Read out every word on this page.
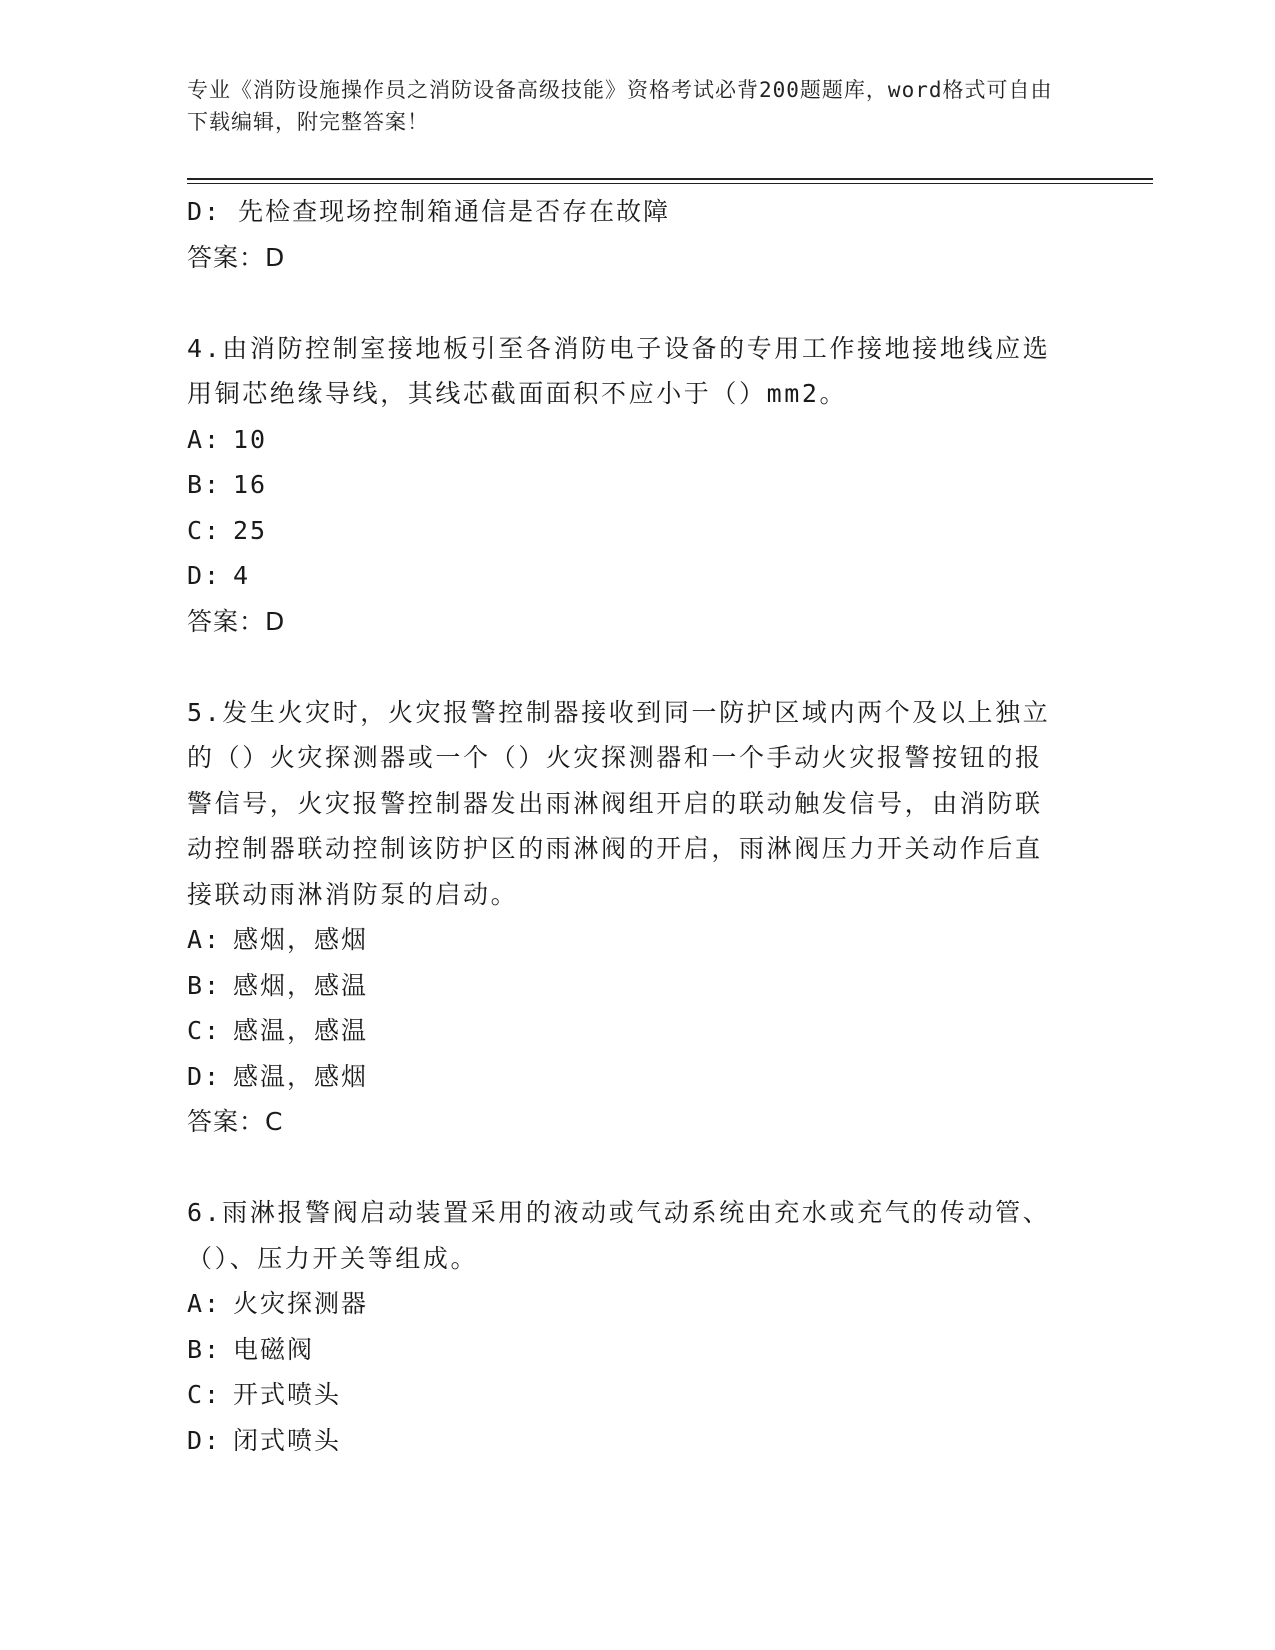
专业《消防设施操作员之消防设备高级技能》资格考试必背200题题库，word格式可自由下载编辑，附完整答案！
D: 先检查现场控制箱通信是否存在故障
答案：D
4.由消防控制室接地板引至各消防电子设备的专用工作接地接地线应选用铜芯绝缘导线，其线芯截面面积不应小于（）mm2。
A: 10
B: 16
C: 25
D: 4
答案：D
5.发生火灾时，火灾报警控制器接收到同一防护区域内两个及以上独立的（）火灾探测器或一个（）火灾探测器和一个手动火灾报警按钮的报警信号，火灾报警控制器发出雨淋阀组开启的联动触发信号，由消防联动控制器联动控制该防护区的雨淋阀的开启，雨淋阀压力开关动作后直接联动雨淋消防泵的启动。
A: 感烟，感烟
B: 感烟，感温
C: 感温，感温
D: 感温，感烟
答案：C
6.雨淋报警阀启动装置采用的液动或气动系统由充水或充气的传动管、（）、压力开关等组成。
A: 火灾探测器
B: 电磁阀
C: 开式喷头
D: 闭式喷头
